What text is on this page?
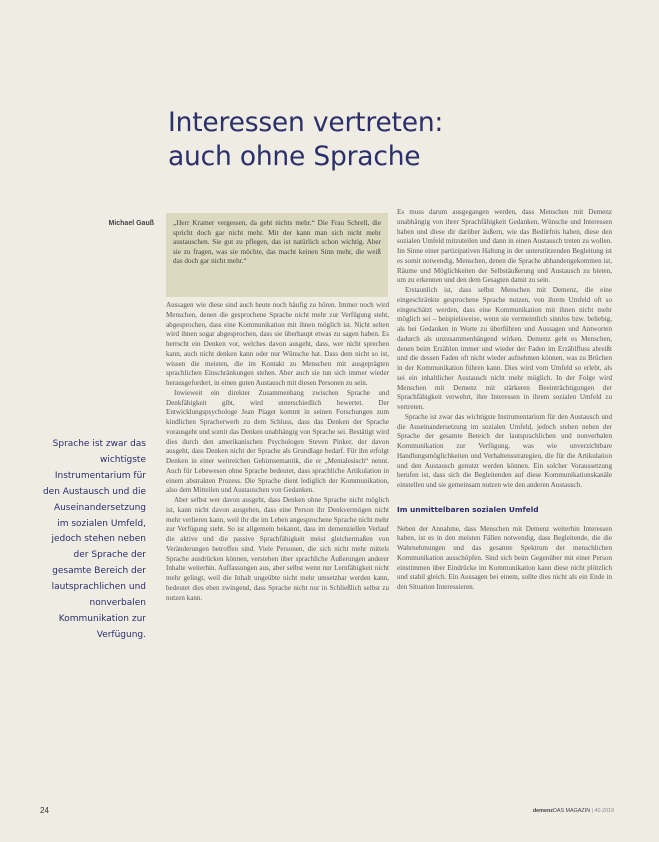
Interessen vertreten:
auch ohne Sprache
Michael Gauß	„Herr Kramer vergessen, da geht nichts mehr.“ Die Frau Schrell, die spricht doch gar nicht mehr. Mit der kann man sich nicht mehr austauschen. Sie gut zu pflegen, das ist natürlich schon wichtig. Aber sie zu fragen, was sie möchte, das macht keinen Sinn mehr, die weiß das doch gar nicht mehr.“
Sprache ist zwar das wichtigste Instrumentarium für den Austausch und die Auseinandersetzung im sozialen Umfeld, jedoch stehen neben der Sprache der gesamte Bereich der lautsprachlichen und nonverbalen Kommunikation zur Verfügung.

Aussagen wie diese sind auch heute noch häufig zu hören. Immer noch wird Menschen, denen die gesprochene Sprache nicht mehr zur Verfügung steht, abgesprochen, dass eine Kommunikation mit ihnen möglich ist. Nicht selten wird ihnen sogar abgesprochen, dass sie überhaupt etwas zu sagen haben. Es herrscht ein Denken vor, welches davon ausgeht, dass, wer nicht sprechen kann, auch nicht denken kann oder nur Wünsche hat. Dass dem nicht so ist, wissen die meisten, die im Kontakt zu Menschen mit ausgeprägten sprachlichen Einschränkungen stehen. Aber auch sie tun sich immer wieder herausgefordert, in einen guten Austausch mit diesen Personen zu sein.

Inwieweit ein direkter Zusammenhang zwischen Sprache und Denkfähigkeit gibt, wird unterschiedlich bewertet. Der Entwicklungspsychologe Jean Piaget kommt in seinen Forschungen zum kindlichen Spracherwerb zu dem Schluss, dass das Denken der Sprache vorausgeht und somit das Denken unabhängig von Sprache sei. Bestätigt wird dies durch den amerikanischen Psychologen Steven Pinker, der davon ausgeht, dass Denken nicht der Sprache als Grundlage bedarf. Für ihn erfolgt Denken in einer weitreichen Gehirnsemantik, die er „Mentalesisch“ nennt. Auch für Lebewesen ohne Sprache bedeutet, dass sprachliche Artikulation in einem abstrakten Prozess. Die Sprache dient lediglich der Kommunikation, also dem Mitteilen und Austauschen von Gedanken.

Aber selbst wer davon ausgeht, dass Denken ohne Sprache nicht möglich ist, kann nicht davon ausgehen, dass eine Person ihr Denkvermögen nicht mehr verlieren kann, weil ihr die im Leben angesprochene Sprache nicht mehr zur Verfügung steht. So ist allgemein bekannt, dass im demenziellen Verlauf die aktive und die passive Sprachfähigkeit meist gleichermaßen von Veränderungen betroffen sind. Viele Personen, die sich nicht mehr mittels Sprache ausdrücken können, verstehen über sprachliche Äußerungen anderer Inhalte weiterhin. Auffassungen aus, aber selbst wenn nur Lernfähigkeit nicht mehr gelingt, weil die Inhalt ungeübte nicht mehr umsetzbar werden kann, bedeutet dies eben zwingend, dass Sprache nicht nur in Schließlich selbst zu nutzen kann.

Es muss darum ausgegangen werden, dass Menschen mit Demenz unabhängig von ihrer Sprachfähigkeit Gedanken, Wünsche und Interessen haben und diese dir darüber äußern, wie das Bedürfnis haben, diese den sozialen Umfeld mitzuteilen und dann in einen Austausch treten zu wollen. Im Sinne einer partizipativen Haltung in der unterstützenden Begleitung ist es somit notwendig, Menschen, denen die Sprache abhandengekommen ist, Räume und Möglichkeiten der Selbstäußerung und Austausch zu bieten, um zu erkennen und den dem Gesagten damit zu sein.

Erstaunlich ist, dass selbst Menschen mit Demenz, die eine eingeschränkte gesprochene Sprache nutzen, von ihrem Umfeld oft so eingeschätzt werden, dass eine Kommunikation mit ihnen nicht mehr möglich sei – beispielsweise, wenn sie vermeintlich sinnlos bzw. beliebig, als bei Gedanken in Worte zu überführen und Aussagen und Antworten dadurch als unzusammenhängend wirken. Demenz geht es Menschen, denen beim Erzählen immer und wieder der Faden im Erzählfluss abreißt und die dessen Faden oft nicht wieder aufnehmen können, was zu Brüchen in der Kommunikation führen kann. Dies wird vom Umfeld so erlebt, als sei ein inhaltlicher Austausch nicht mehr möglich. In der Folge wird Menschen mit Demenz mit stärkeren Beeinträchtigungen der Sprachfähigkeit verwehrt, ihre Interessen in ihrem sozialen Umfeld zu vertreten.

Sprache ist zwar das wichtigste Instrumentarium für den Austausch und die Auseinandersetzung im sozialen Umfeld, jedoch stehen neben der Sprache der gesamte Bereich der lautsprachlichen und nonverbalen Kommunikation zur Verfügung, was wie unverzichtbare Handlungsmöglichkeiten und Verhaltensstrategien, die für die Artikulation und den Austausch genutzt werden können. Ein solcher Voraussetzung berufen ist, dass sich die Begleitenden auf diese Kommunikationskanäle einstellen und sie gemeinsam nutzen wie den anderen Austausch.

Im unmittelbaren sozialen Umfeld

Neben der Annahme, dass Menschen mit Demenz weiterhin Interessen haben, ist es in den meisten Fällen notwendig, dass Begleitende, die die Wahrnehmungen und das gesamte Spektrum der menschlichen Kommunikation ausschöpfen. Sind sich beim Gegenüber mit einer Person einstimmen über Eindrücke im Kommunikation kann diese nicht plötzlich und stabil gleich. Ein Aussagen bei einem, sollte dies nicht als ein Ende in den Situation Interessieren.

24	demenzDAS MAGAZIN | 40.2019
